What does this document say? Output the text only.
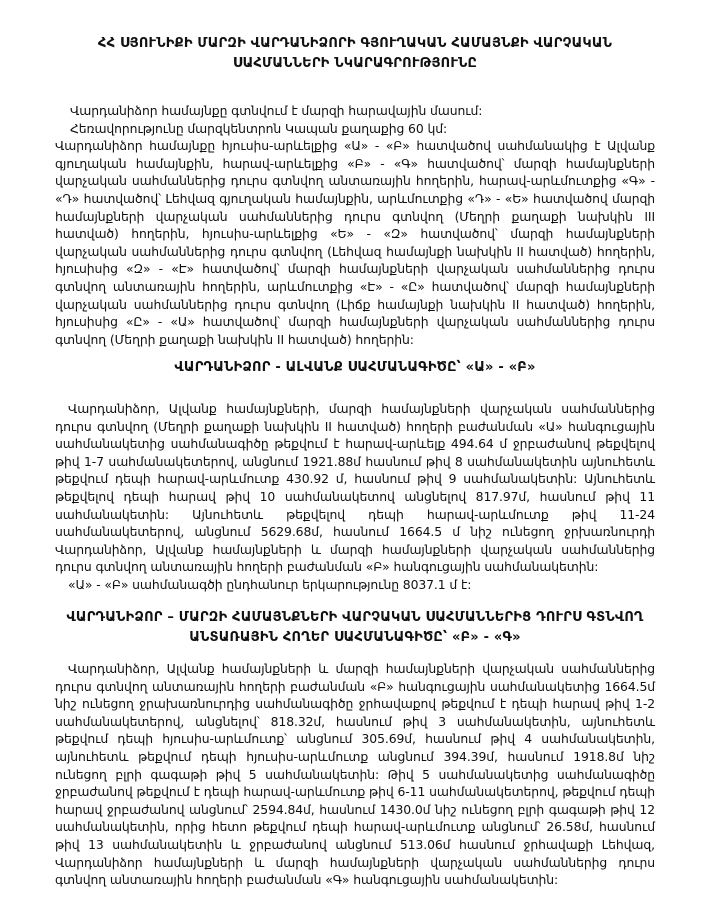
ՀՀ ՍՅՈՒՆԻՔԻ ՄԱՐԶԻ ՎԱՐԴԱՆԻՁՈՐԻ ԳՅՈՒՂԱԿԱՆ ՀԱՄԱՅՆՔԻ ՎԱՐՉԱԿԱՆ ՍԱՀՄԱՆՆԵՐԻ ՆԿԱՐԱԳՐՈՒԹՅՈՒՆԸ

Վարդանիձոր համայնքը գտնվում է մարզի հարավային մասում:

Հեռավորությունը մարզկենտրոն Կապան քաղաքից 60 կմ:

Վարդանիձոր համայնքը հյուսիս-արևելքից «Ա» - «Բ» հատվածով սահմանակից է Ալվանք գյուղական համայնքին, հարավ-արևելքից «Բ» - «Գ» հատվածով՝ մարզի համայնքների վարչական սահմաններից դուրս գտնվող անտառային հողերին, հարավ-արևմուտքից «Գ» - «Դ» հատվածով՝ Լեհվազ գյուղական համայնքին, արևմուտքից «Դ» - «Ե» հատվածով մարզի համայնքների վարչական սահմաններից դուրս գտնվող (Մեղրի քաղաքի նախկին III հատված) հողերին, հյուսիս-արևելքից «Ե» - «Զ» հատվածով՝ մարզի համայնքների վարչական սահմաններից դուրս գտնվող (Լեհվազ համայնքի նախկին II հատված) հողերին, հյուսիսից «Զ» - «Է» հատվածով՝ մարզի համայնքների վարչական սահմաններից դուրս գտնվող անտառային հողերին, արևմուտքից «Է» - «Ը» հատվածով՝ մարզի համայնքների վարչական սահմաններից դուրս գտնվող (Լիճք համայնքի նախկին II հատված) հողերին, հյուսիսից «Ը» - «Ա» հատվածով՝ մարզի համայնքների վարչական սահմաններից դուրս գտնվող (Մեղրի քաղաքի նախկին II հատված) հողերին:

ՎԱՐԴԱՆԻՁՈՐ - ԱԼՎԱՆՔ ՍԱՀՄԱՆԱԳԻԾԸ՝ «Ա» - «Բ»

Վարդանիձոր, Ալվանք համայնքների, մարզի համայնքների վարչական սահմաններից դուրս գտնվող (Մեղրի քաղաքի նախկին II հատված) հողերի բաժանման «Ա» հանգուցային սահմանակետից սահմանագիծը թեքվում է հարավ-արևելք 494.64 մ ջրբաժանով թեքվելով թիվ 1-7 սահմանակետերով, անցնում 1921.88մ հասնում թիվ 8 սահմանակետին այնուհետև թեքվում դեպի հարավ-արևմուտք 430.92 մ, հասնում թիվ 9 սահմանակետին: Այնուհետև թեքվելով դեպի հարավ թիվ 10 սահմանակետով անցնելով 817.97մ, հասնում թիվ 11 սահմանակետին: Այնուհետև թեքվելով դեպի հարավ-արևմուտք թիվ 11-24 սահմանակետերով, անցնում 5629.68մ, հասնում 1664.5 մ նիշ ունեցող ջրխառնուրդի Վարդանիձոր, Ալվանք համայնքների և մարզի համայնքների վարչական սահմաններից դուրս գտնվող անտառային հողերի բաժանման «Բ» հանգուցային սահմանակետին:

«Ա» - «Բ» սահմանագծի ընդհանուր երկարությունը 8037.1 մ է:

ՎԱՐԴԱՆԻՁՈՐ – ՄԱՐԶԻ ՀԱՄԱՅՆՔՆԵՐԻ ՎԱՐՉԱԿԱՆ ՍԱՀՄԱՆՆԵՐԻՑ ԴՈՒՐՍ ԳՏՆՎՈՂ ԱՆՏԱՌԱՅԻՆ ՀՈՂԵՐ ՍԱՀՄԱՆԱԳԻԾԸ՝ «Բ» - «Գ»

Վարդանիձոր, Ալվանք համայնքների և մարզի համայնքների վարչական սահմաններից դուրս գտնվող անտառային հողերի բաժանման «Բ» հանգուցային սահմանակետից 1664.5մ նիշ ունեցող ջրախառնուրդից սահմանագիծը ջրհավաքով թեքվում է դեպի հարավ թիվ 1-2 սահմանակետերով, անցնելով՝ 818.32մ, հասնում թիվ 3 սահմանակետին, այնուհետև թեքվում դեպի հյուսիս-արևմուտք՝ անցնում 305.69մ, հասնում թիվ 4 սահմանակետին, այնուհետև թեքվում դեպի հյուսիս-արևմուտք անցնում 394.39մ, հասնում 1918.8մ նիշ ունեցող բլրի գագաթի թիվ 5 սահմանակետին: Թիվ 5 սահմանակետից սահմանագիծը ջրբաժանով թեքվում է դեպի հարավ-արևմուտք թիվ 6-11 սահմանակետերով, թեքվում դեպի հարավ ջրբաժանով անցնում՝ 2594.84մ, հասնում 1430.0մ նիշ ունեցող բլրի գագաթի թիվ 12 սահմանակետին, որից հետո թեքվում դեպի հարավ-արևմուտք անցնում՝ 26.58մ, հասնում թիվ 13 սահմանակետին և ջրբաժանով անցնում 513.06մ հասնում ջրհավաքի Լեհվազ, Վարդանիձոր համայնքների և մարզի համայնքների վարչական սահմաններից դուրս գտնվող անտառային հողերի բաժանման «Գ» հանգուցային սահմանակետին:
